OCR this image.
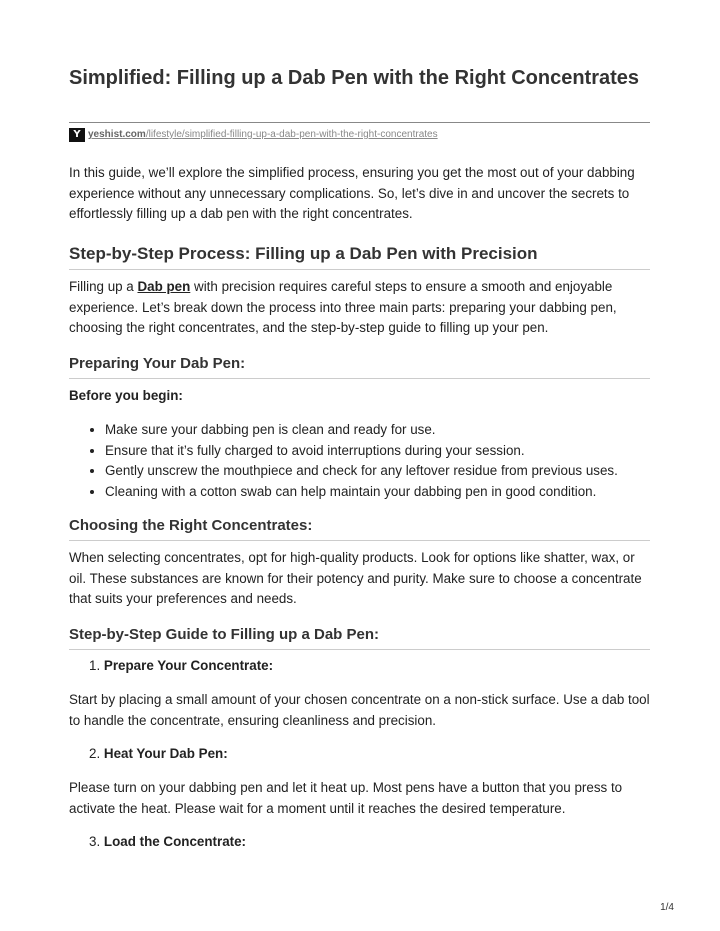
Simplified: Filling up a Dab Pen with the Right Concentrates
Y yeshist.com/lifestyle/simplified-filling-up-a-dab-pen-with-the-right-concentrates

In this guide, we’ll explore the simplified process, ensuring you get the most out of your dabbing experience without any unnecessary complications. So, let’s dive in and uncover the secrets to effortlessly filling up a dab pen with the right concentrates.

Step-by-Step Process: Filling up a Dab Pen with Precision

Filling up a Dab pen with precision requires careful steps to ensure a smooth and enjoyable experience. Let’s break down the process into three main parts: preparing your dabbing pen, choosing the right concentrates, and the step-by-step guide to filling up your pen.

Preparing Your Dab Pen:

Before you begin:

• Make sure your dabbing pen is clean and ready for use.
• Ensure that it’s fully charged to avoid interruptions during your session.
• Gently unscrew the mouthpiece and check for any leftover residue from previous uses.
• Cleaning with a cotton swab can help maintain your dabbing pen in good condition.
Choosing the Right Concentrates:

When selecting concentrates, opt for high-quality products. Look for options like shatter, wax, or oil. These substances are known for their potency and purity. Make sure to choose a concentrate that suits your preferences and needs.

Step-by-Step Guide to Filling up a Dab Pen:

1. Prepare Your Concentrate:

Start by placing a small amount of your chosen concentrate on a non-stick surface. Use a dab tool to handle the concentrate, ensuring cleanliness and precision.

2. Heat Your Dab Pen:

Please turn on your dabbing pen and let it heat up. Most pens have a button that you press to activate the heat. Please wait for a moment until it reaches the desired temperature.

3. Load the Concentrate:

1/4
